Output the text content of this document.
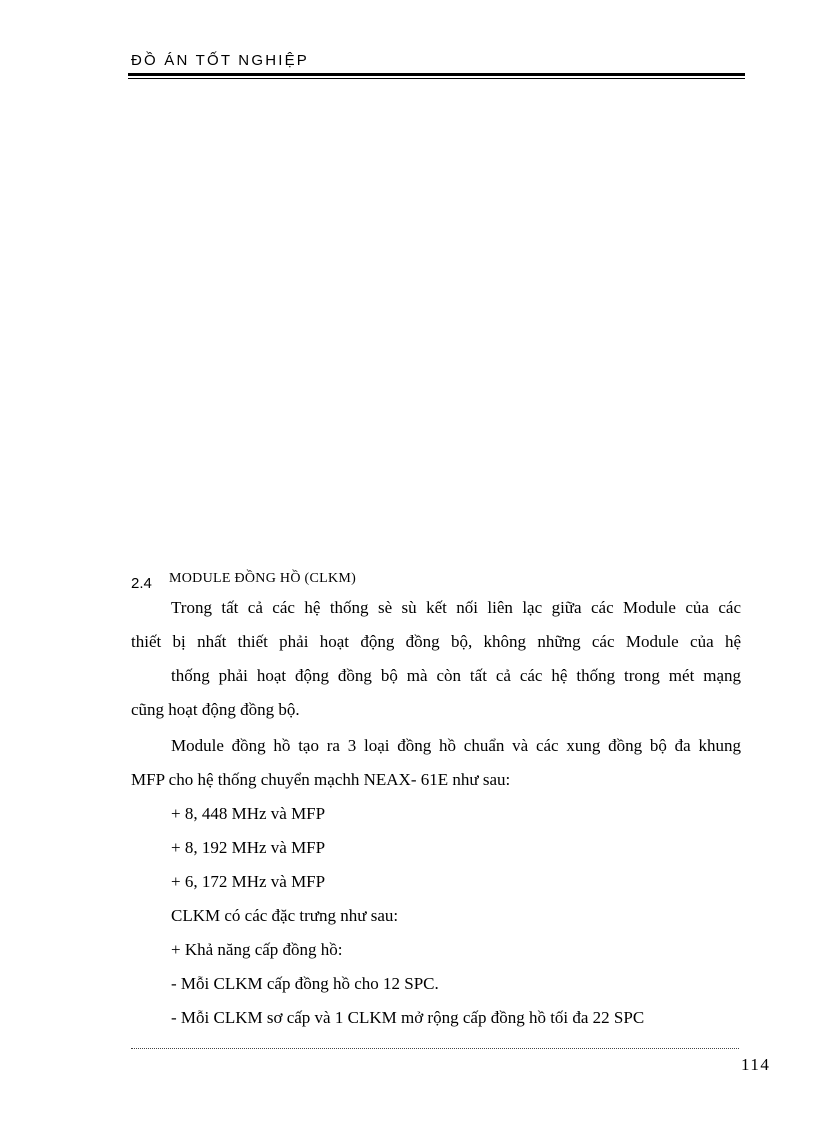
ĐỒ ÁN TỐT NGHIỆP
2.4 MODULE ĐỒNG HỒ (CLKM)

Trong tất cả các hệ thống sè sù kết nối liên lạc giữa các Module của các

thiết bị nhất thiết phải hoạt động đồng bộ, không những các Module của hệ

thống phải hoạt động đồng bộ mà còn tất cả các hệ thống trong mét mạng

cũng hoạt động đồng bộ.

Module đồng hồ tạo ra 3 loại đồng hồ chuẩn và các xung đồng bộ đa khung

MFP cho hệ thống chuyển mạchh NEAX- 61E như sau:

+ 8, 448 MHz và MFP

+ 8, 192 MHz và MFP

+ 6, 172 MHz và MFP

CLKM có các đặc trưng như sau:

+ Khả năng cấp đồng hồ:

- Mỗi CLKM cấp đồng hồ cho 12 SPC.

- Mỗi CLKM sơ cấp và 1 CLKM mở rộng cấp đồng hồ tối đa 22 SPC

114
